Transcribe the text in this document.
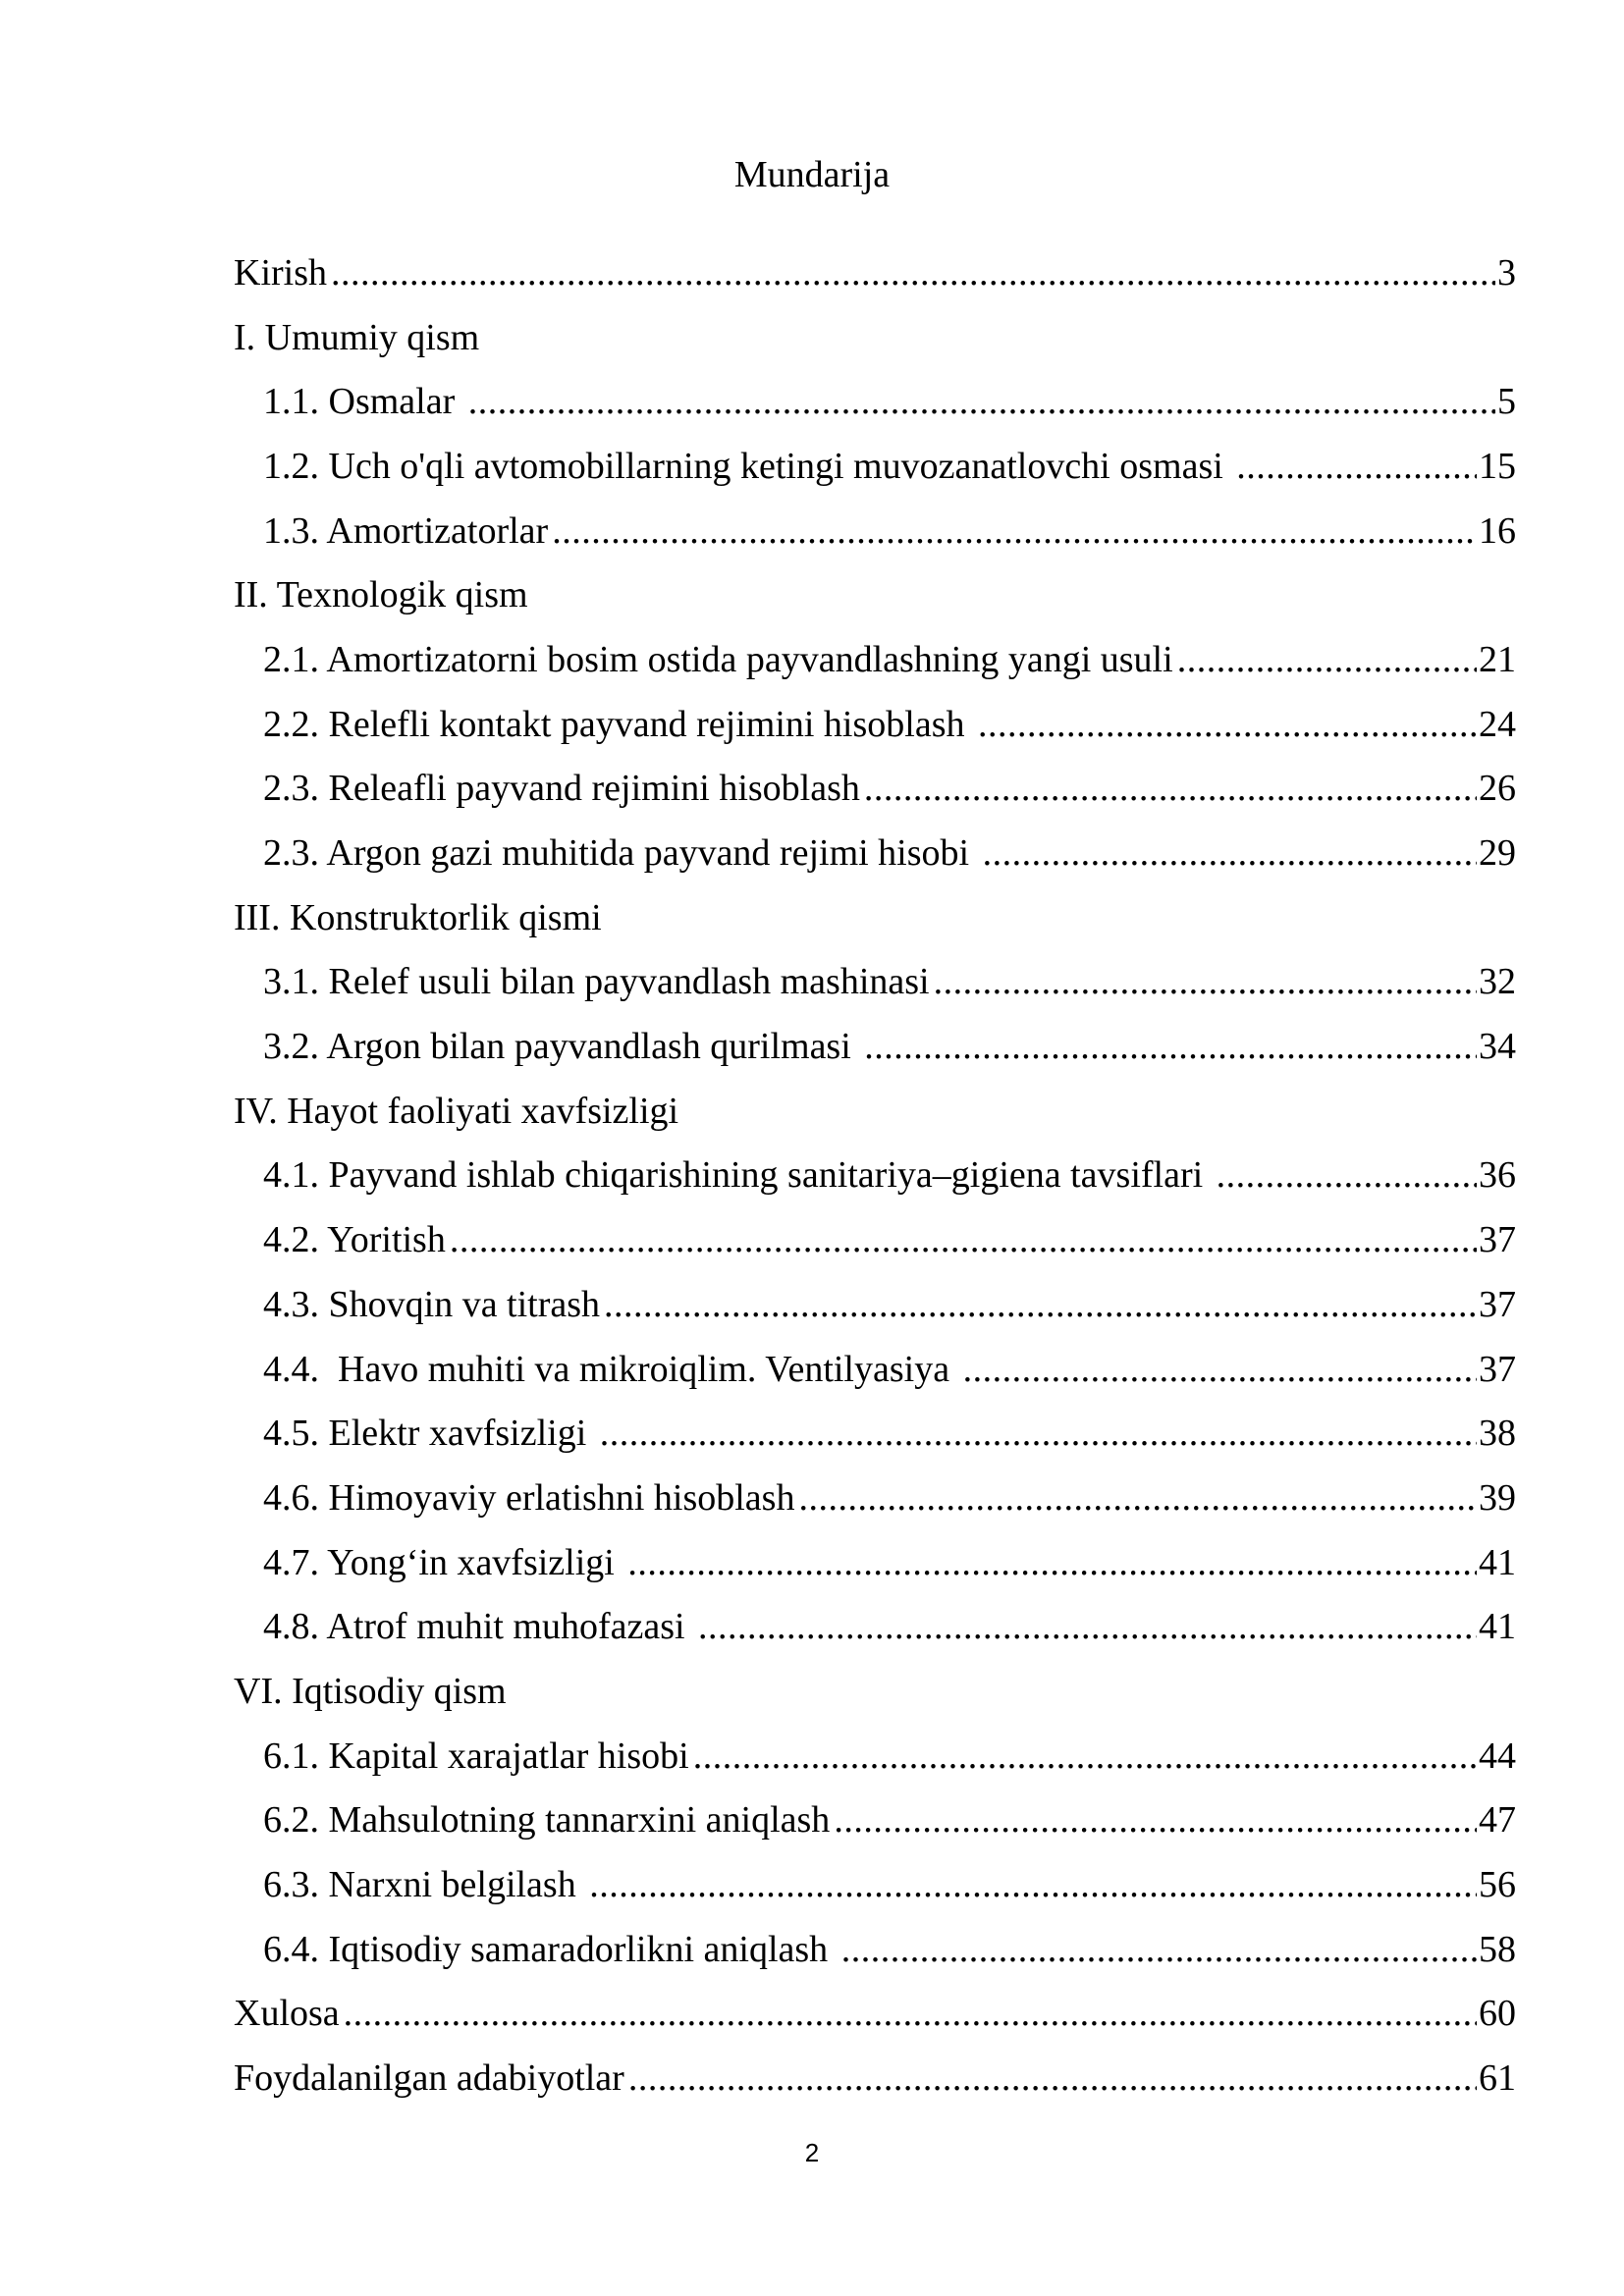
Mundarija
Kirish .....	3
I. Umumiy qism
1.1. Osmalar .....	5
1.2. Uch o'qli avtomobillarning ketingi muvozanatlovchi osmasi .....	15
1.3. Amortizatorlar .....	16
II. Texnologik qism
2.1. Amortizatorni bosim ostida payvandlashning yangi usuli .....	21
2.2. Relefli kontakt payvand rejimini hisoblash .....	24
2.3. Releafli payvand rejimini hisoblash .....	26
2.3. Argon gazi muhitida payvand rejimi hisobi .....	29
III. Konstruktorlik qismi
3.1. Relef usuli bilan payvandlash mashinasi .....	32
3.2. Argon bilan payvandlash qurilmasi .....	34
IV. Hayot faoliyati xavfsizligi
4.1. Payvand ishlab chiqarishining sanitariya–gigiena tavsiflari .....	36
4.2. Yoritish .....	37
4.3. Shovqin va titrash .....	37
4.4.  Havo muhiti va mikroiqlim. Ventilyasiya .....	37
4.5. Elektr xavfsizligi .....	38
4.6. Himoyaviy erlatishni hisoblash .....	39
4.7. Yong‘in xavfsizligi .....	41
4.8. Atrof muhit muhofazasi .....	41
VI. Iqtisodiy qism
6.1. Kapital xarajatlar hisobi .....	44
6.2. Mahsulotning tannarxini aniqlash .....	47
6.3. Narxni belgilash .....	56
6.4. Iqtisodiy samaradorlikni aniqlash .....	58
Xulosa .....	60
Foydalanilgan adabiyotlar .....	61
2
